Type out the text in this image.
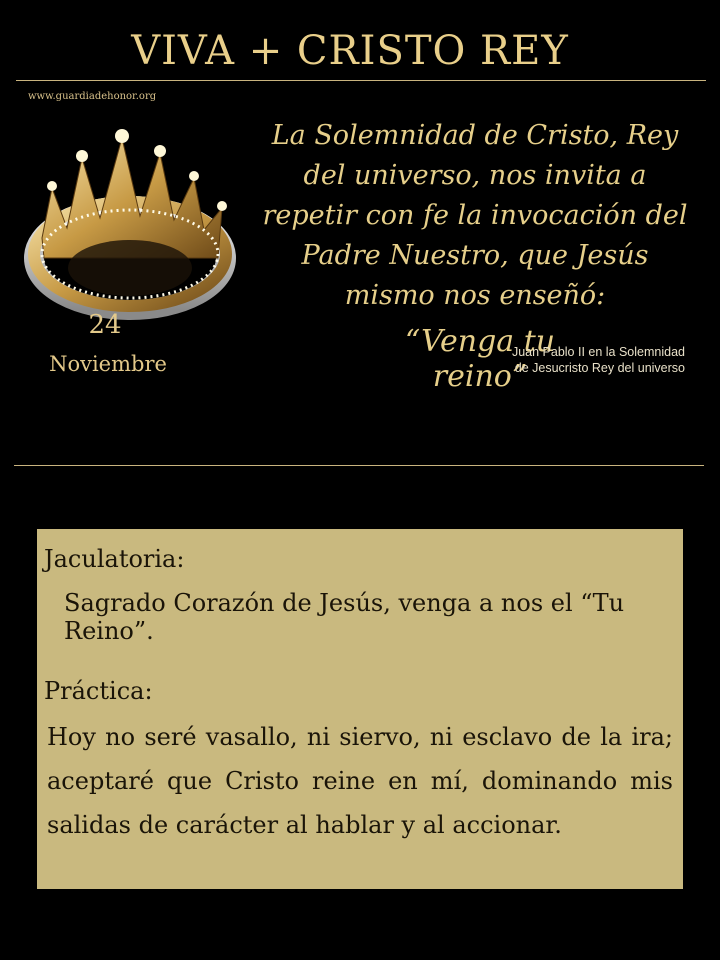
VIVA + CRISTO REY
www.guardiadehonor.org
24
Noviembre
La Solemnidad de Cristo, Rey del universo, nos invita a repetir con fe la invocación del Padre Nuestro, que Jesús mismo nos enseñó:
“Venga tu reino”
Juan Pablo II en la Solemnidad
de Jesucristo Rey del universo
Jaculatoria:
Sagrado Corazón de Jesús, venga a nos el “Tu Reino”.
Práctica:
Hoy no seré vasallo, ni siervo, ni esclavo de la ira; aceptaré que Cristo reine en mí, dominando mis salidas de carácter al hablar y al accionar.
